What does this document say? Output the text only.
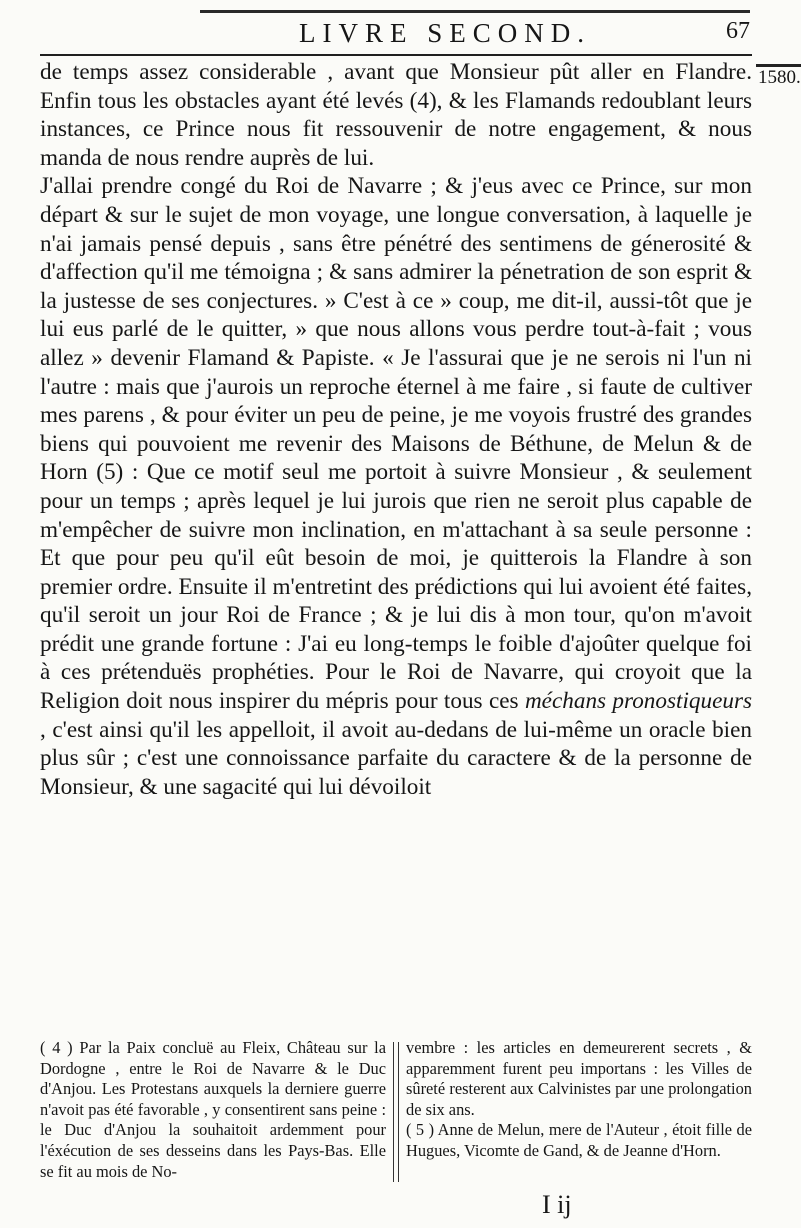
LIVRE SECOND.	67
1580.

de temps assez considerable , avant que Monsieur pût aller en Flandre. Enfin tous les obstacles ayant été levés (4), & les Flamands redoublant leurs instances, ce Prince nous fit ressouvenir de notre engagement, & nous manda de nous rendre auprès de lui.

J'allai prendre congé du Roi de Navarre ; & j'eus avec ce Prince, sur mon départ & sur le sujet de mon voyage, une longue conversation, à laquelle je n'ai jamais pensé depuis , sans être pénétré des sentimens de génerosité & d'affection qu'il me témoigna ; & sans admirer la pénetration de son esprit & la justesse de ses conjectures. » C'est à ce » coup, me dit-il, aussi-tôt que je lui eus parlé de le quitter, » que nous allons vous perdre tout-à-fait ; vous allez » devenir Flamand & Papiste. « Je l'assurai que je ne serois ni l'un ni l'autre : mais que j'aurois un reproche éternel à me faire , si faute de cultiver mes parens , & pour éviter un peu de peine, je me voyois frustré des grandes biens qui pouvoient me revenir des Maisons de Béthune, de Melun & de Horn (5) : Que ce motif seul me portoit à suivre Monsieur , & seulement pour un temps ; après lequel je lui jurois que rien ne seroit plus capable de m'empêcher de suivre mon inclination, en m'attachant à sa seule personne : Et que pour peu qu'il eût besoin de moi, je quitterois la Flandre à son premier ordre. Ensuite il m'entretint des prédictions qui lui avoient été faites, qu'il seroit un jour Roi de France ; & je lui dis à mon tour, qu'on m'avoit prédit une grande fortune : J'ai eu long-temps le foible d'ajoûter quelque foi à ces prétenduës prophéties. Pour le Roi de Navarre, qui croyoit que la Religion doit nous inspirer du mépris pour tous ces méchans pronostiqueurs , c'est ainsi qu'il les appelloit, il avoit au-dedans de lui-même un oracle bien plus sûr ; c'est une connoissance parfaite du caractere & de la personne de Monsieur, & une sagacité qui lui dévoiloit

( 4 ) Par la Paix concluë au Fleix, Château sur la Dordogne , entre le Roi de Navarre & le Duc d'Anjou. Les Protestans auxquels la derniere guerre n'avoit pas été favorable , y consentirent sans peine : le Duc d'Anjou la souhaitoit ardemment pour l'éxécution de ses desseins dans les Pays-Bas. Elle se fit au mois de No-
vembre : les articles en demeurerent secrets , & apparemment furent peu importans : les Villes de sûreté resterent aux Calvinistes par une prolongation de six ans.
( 5 ) Anne de Melun, mere de l'Auteur , étoit fille de Hugues, Vicomte de Gand, & de Jeanne d'Horn.
I ij
